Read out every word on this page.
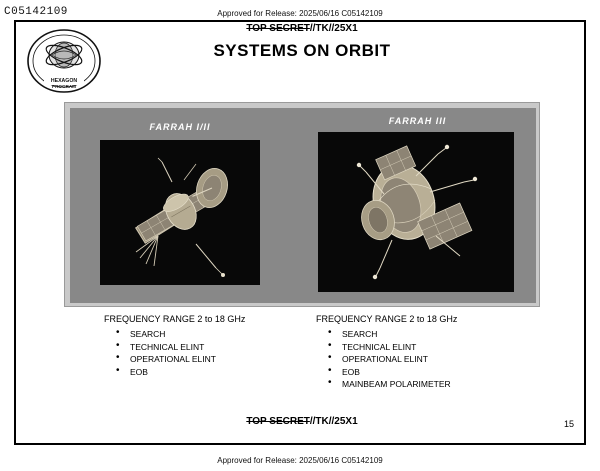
C05142109	Approved for Release: 2025/06/16 C05142109
Approved for Release: 2025/06/16 C05142109
TOP SECRET//TK//25X1
SYSTEMS ON ORBIT
HEXAGON
PROGRAM
FARRAH I/II
FARRAH III
FREQUENCY RANGE 2 to 18 GHz
• SEARCH
• TECHNICAL ELINT
• OPERATIONAL ELINT
• EOB
FREQUENCY RANGE 2 to 18 GHz
• SEARCH
• TECHNICAL ELINT
• OPERATIONAL ELINT
• EOB
• MAINBEAM POLARIMETER
TOP SECRET//TK//25X1	15
